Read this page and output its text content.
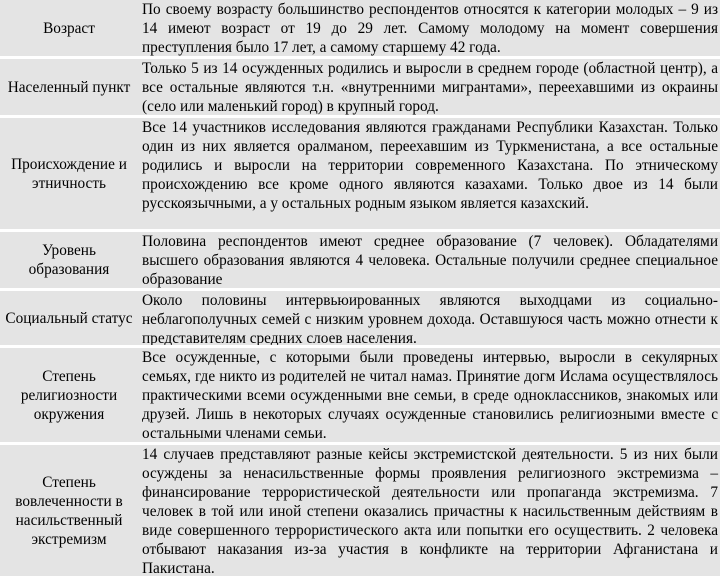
Возраст
По своему возрасту большинство респондентов относятся к категории молодых – 9 из 14 имеют возраст от 19 до 29 лет. Самому молодому на момент совершения преступления было 17 лет, а самому старшему 42 года.
Населенный пункт
Только 5 из 14 осужденных родились и выросли в среднем городе (областной центр), а все остальные являются т.н. «внутренними мигрантами», переехавшими из окраины (село или маленький город) в крупный город.
Происхождение и этничность
Все 14 участников исследования являются гражданами Республики Казахстан. Только один из них является оралманом, переехавшим из Туркменистана, а все остальные родились и выросли на территории современного Казахстана. По этническому происхождению все кроме одного являются казахами. Только двое из 14 были русскоязычными, а у остальных родным языком является казахский.
Уровень образования
Половина респондентов имеют среднее образование (7 человек). Обладателями высшего образования являются 4 человека. Остальные получили среднее специальное образование
Социальный статус
Около половины интервьюированных являются выходцами из социально-неблагополучных семей с низким уровнем дохода. Оставшуюся часть можно отнести к представителям средних слоев населения.
Степень религиозности окружения
Все осужденные, с которыми были проведены интервью, выросли в секулярных семьях, где никто из родителей не читал намаз. Принятие догм Ислама осуществлялось практическими всеми осужденными вне семьи, в среде одноклассников, знакомых или друзей. Лишь в некоторых случаях осужденные становились религиозными вместе с остальными членами семьи.
Степень вовлеченности в насильственный экстремизм
14 случаев представляют разные кейсы экстремистской деятельности. 5 из них были осуждены за ненасильственные формы проявления религиозного экстремизма – финансирование террористической деятельности или пропаганда экстремизма. 7 человек в той или иной степени оказались причастны к насильственным действиям в виде совершенного террористического акта или попытки его осуществить. 2 человека отбывают наказания из-за участия в конфликте на территории Афганистана и Пакистана.
